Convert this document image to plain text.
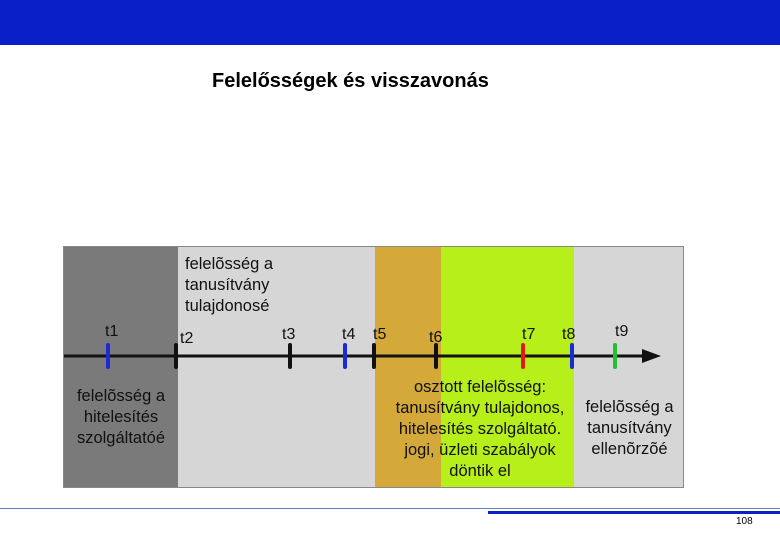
Felelősségek és visszavonás
felelõsség a
tanusítvány
tulajdonosé
felelõsség a
hitelesítés
szolgáltatóé
osztott felelõsség:
tanusítvány tulajdonos,
hitelesítés szolgáltató.
jogi, üzleti szabályok
döntik el
felelõsség a
tanusítvány
ellenõrzõé
t1	t2	t3	t4 t5	t6	t7 t8 t9
108
